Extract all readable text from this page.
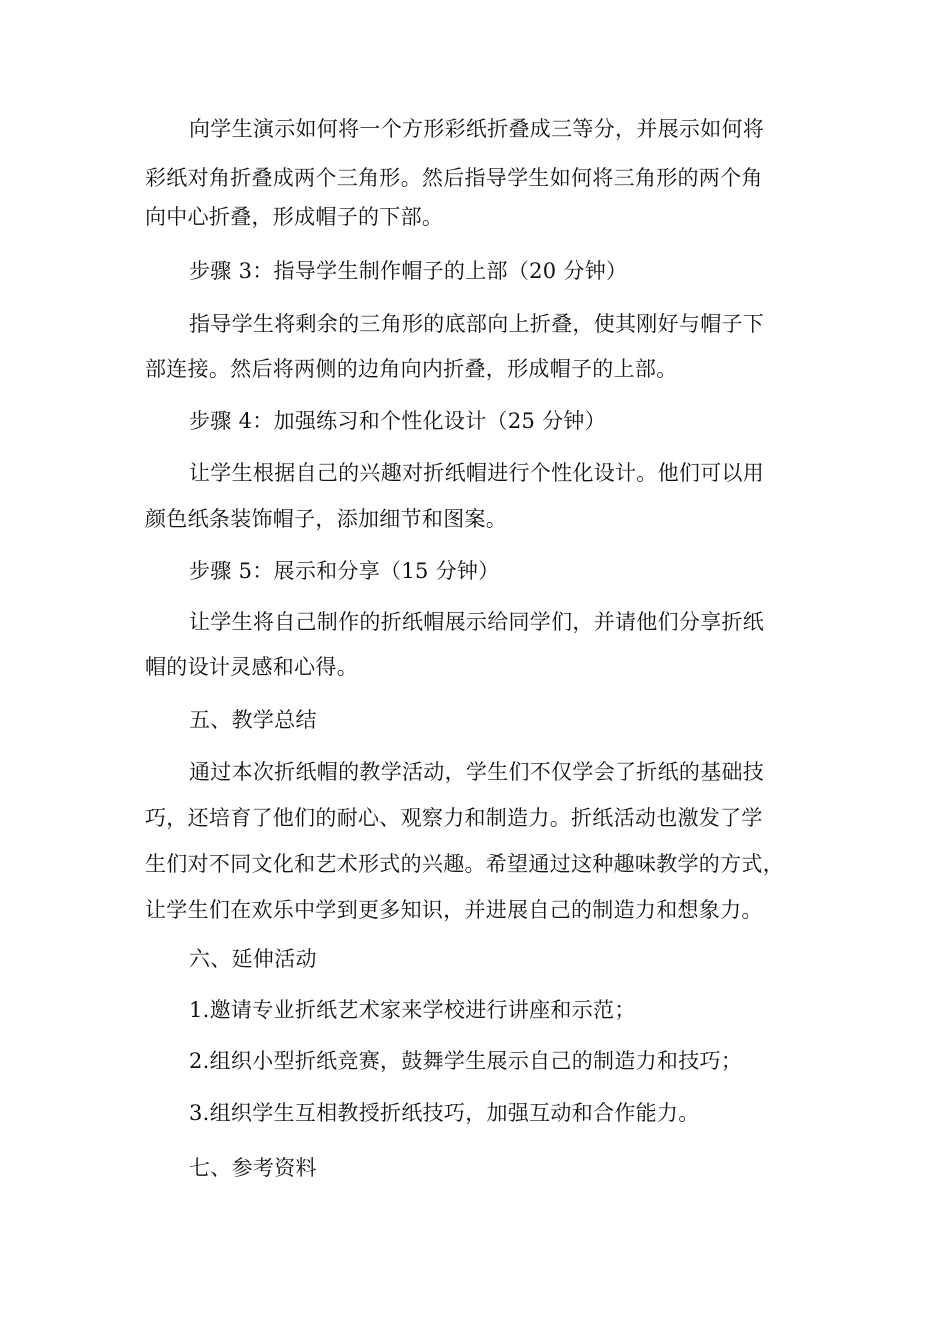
向学生演示如何将一个方形彩纸折叠成三等分，并展示如何将
彩纸对角折叠成两个三角形。然后指导学生如何将三角形的两个角
向中心折叠，形成帽子的下部。
步骤 3：指导学生制作帽子的上部（20 分钟）
指导学生将剩余的三角形的底部向上折叠，使其刚好与帽子下
部连接。然后将两侧的边角向内折叠，形成帽子的上部。
步骤 4：加强练习和个性化设计（25 分钟）
让学生根据自己的兴趣对折纸帽进行个性化设计。他们可以用
颜色纸条装饰帽子，添加细节和图案。
步骤 5：展示和分享（15 分钟）
让学生将自己制作的折纸帽展示给同学们，并请他们分享折纸
帽的设计灵感和心得。
五、教学总结
通过本次折纸帽的教学活动，学生们不仅学会了折纸的基础技
巧，还培育了他们的耐心、观察力和制造力。折纸活动也激发了学
生们对不同文化和艺术形式的兴趣。希望通过这种趣味教学的方式，
让学生们在欢乐中学到更多知识，并进展自己的制造力和想象力。
六、延伸活动
1.邀请专业折纸艺术家来学校进行讲座和示范；
2.组织小型折纸竞赛，鼓舞学生展示自己的制造力和技巧；
3.组织学生互相教授折纸技巧，加强互动和合作能力。
七、参考资料
